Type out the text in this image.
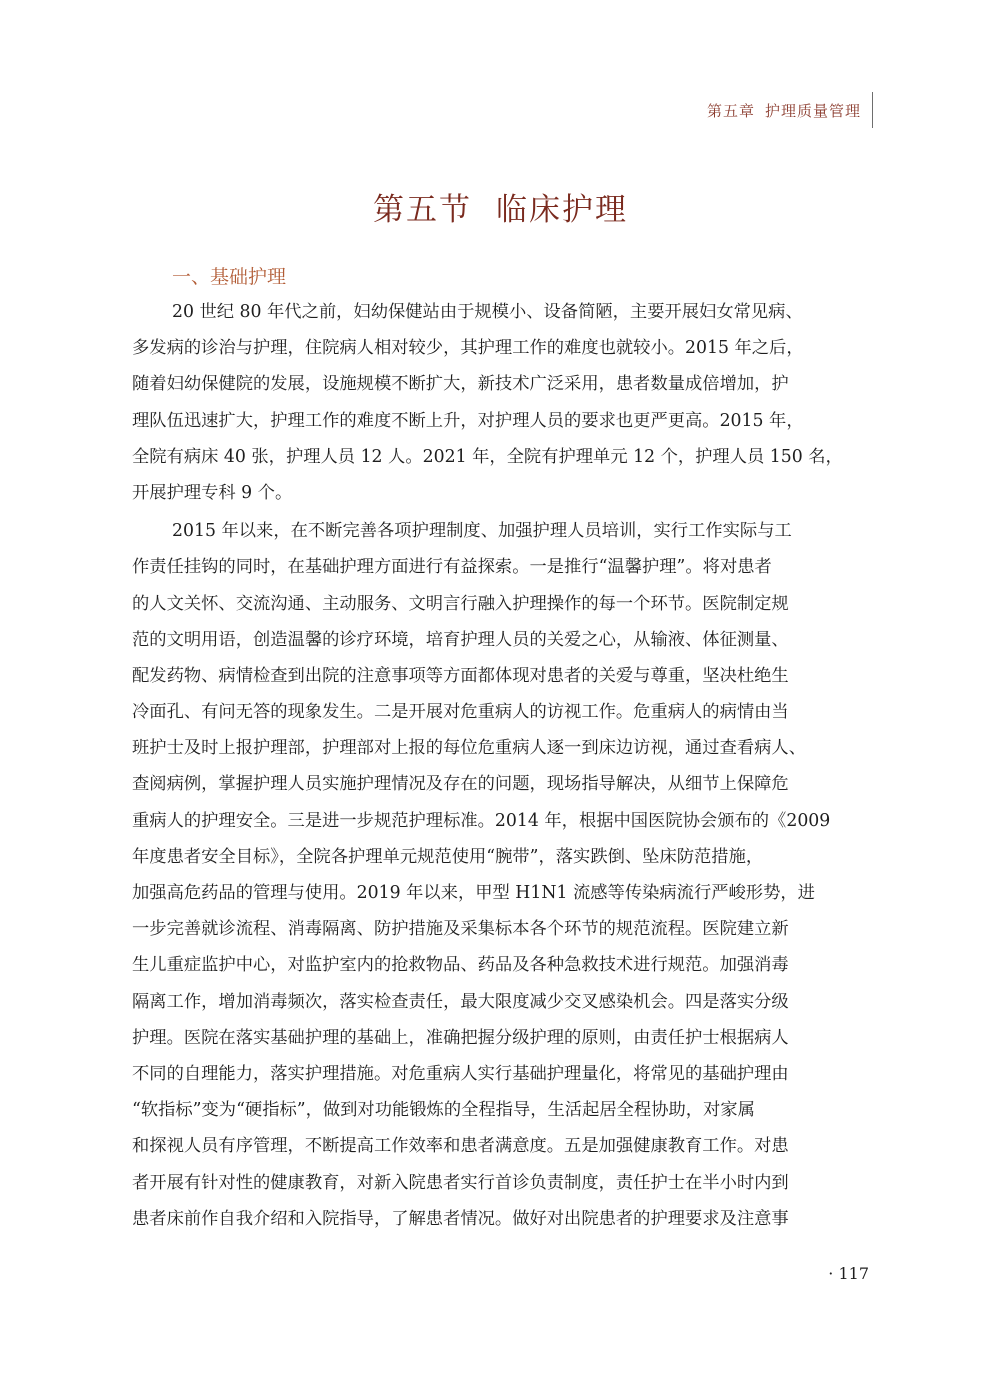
第五章 护理质量管理
第五节 临床护理
一、基础护理
20 世纪 80 年代之前，妇幼保健站由于规模小、设备简陋，主要开展妇女常见病、
多发病的诊治与护理，住院病人相对较少，其护理工作的难度也就较小。2015 年之后，
随着妇幼保健院的发展，设施规模不断扩大，新技术广泛采用，患者数量成倍增加，护
理队伍迅速扩大，护理工作的难度不断上升，对护理人员的要求也更严更高。2015 年，
全院有病床 40 张，护理人员 12 人。2021 年，全院有护理单元 12 个，护理人员 150 名，
开展护理专科 9 个。
2015 年以来，在不断完善各项护理制度、加强护理人员培训，实行工作实际与工
作责任挂钩的同时，在基础护理方面进行有益探索。一是推行“温馨护理”。将对患者
的人文关怀、交流沟通、主动服务、文明言行融入护理操作的每一个环节。医院制定规
范的文明用语，创造温馨的诊疗环境，培育护理人员的关爱之心，从输液、体征测量、
配发药物、病情检查到出院的注意事项等方面都体现对患者的关爱与尊重，坚决杜绝生
冷面孔、有问无答的现象发生。二是开展对危重病人的访视工作。危重病人的病情由当
班护士及时上报护理部，护理部对上报的每位危重病人逐一到床边访视，通过查看病人、
查阅病例，掌握护理人员实施护理情况及存在的问题，现场指导解决，从细节上保障危
重病人的护理安全。三是进一步规范护理标准。2014 年，根据中国医院协会颁布的《2009
年度患者安全目标》，全院各护理单元规范使用“腕带”，落实跌倒、坠床防范措施，
加强高危药品的管理与使用。2019 年以来，甲型 H1N1 流感等传染病流行严峻形势，进
一步完善就诊流程、消毒隔离、防护措施及采集标本各个环节的规范流程。医院建立新
生儿重症监护中心，对监护室内的抢救物品、药品及各种急救技术进行规范。加强消毒
隔离工作，增加消毒频次，落实检查责任，最大限度减少交叉感染机会。四是落实分级
护理。医院在落实基础护理的基础上，准确把握分级护理的原则，由责任护士根据病人
不同的自理能力，落实护理措施。对危重病人实行基础护理量化，将常见的基础护理由
“软指标”变为“硬指标”，做到对功能锻炼的全程指导，生活起居全程协助，对家属
和探视人员有序管理，不断提高工作效率和患者满意度。五是加强健康教育工作。对患
者开展有针对性的健康教育，对新入院患者实行首诊负责制度，责任护士在半小时内到
患者床前作自我介绍和入院指导，了解患者情况。做好对出院患者的护理要求及注意事
· 117
